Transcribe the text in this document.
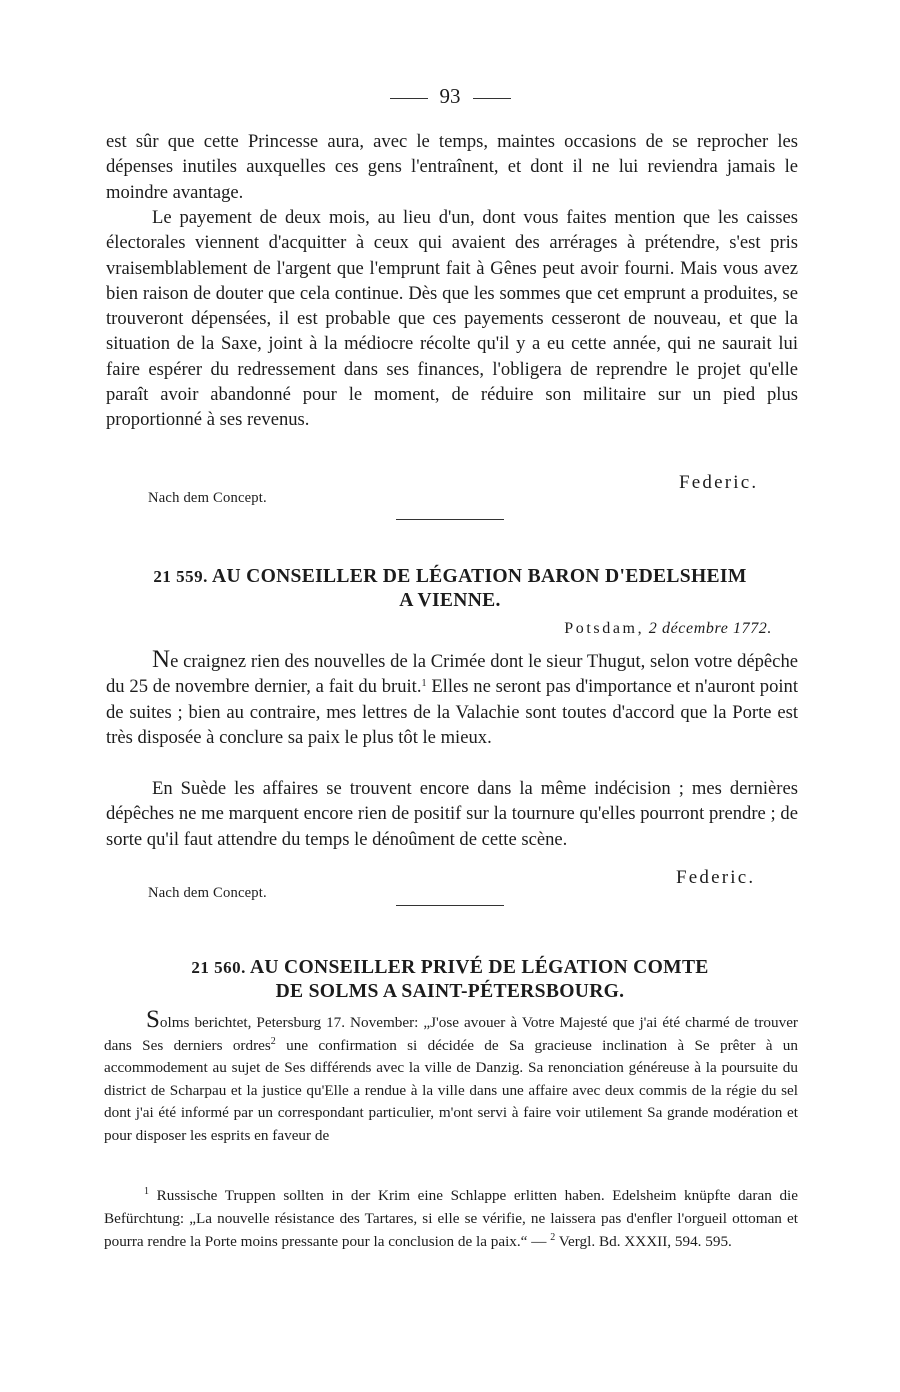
93

est sûr que cette Princesse aura, avec le temps, maintes occasions de se reprocher les dépenses inutiles auxquelles ces gens l'entraînent, et dont il ne lui reviendra jamais le moindre avantage.

Le payement de deux mois, au lieu d'un, dont vous faites mention que les caisses électorales viennent d'acquitter à ceux qui avaient des arrérages à prétendre, s'est pris vraisemblablement de l'argent que l'emprunt fait à Gênes peut avoir fourni. Mais vous avez bien raison de douter que cela continue. Dès que les sommes que cet emprunt a produites, se trouveront dépensées, il est probable que ces payements cesseront de nouveau, et que la situation de la Saxe, joint à la médiocre récolte qu'il y a eu cette année, qui ne saurait lui faire espérer du redressement dans ses finances, l'obligera de reprendre le projet qu'elle paraît avoir abandonné pour le moment, de réduire son militaire sur un pied plus proportionné à ses revenus.

Federic.
Nach dem Concept.
21 559. AU CONSEILLER DE LÉGATION BARON D'EDELSHEIM
A VIENNE.
Potsdam, 2 décembre 1772.

Ne craignez rien des nouvelles de la Crimée dont le sieur Thugut, selon votre dépêche du 25 de novembre dernier, a fait du bruit.$^1$ Elles ne seront pas d'importance et n'auront point de suites ; bien au contraire, mes lettres de la Valachie sont toutes d'accord que la Porte est très disposée à conclure sa paix le plus tôt le mieux.

En Suède les affaires se trouvent encore dans la même indécision ; mes dernières dépêches ne me marquent encore rien de positif sur la tournure qu'elles pourront prendre ; de sorte qu'il faut attendre du temps le dénoûment de cette scène.

Federic.
Nach dem Concept.
21 560. AU CONSEILLER PRIVÉ DE LÉGATION COMTE
DE SOLMS A SAINT-PÉTERSBOURG.

Solms berichtet, Petersburg 17. November: „J'ose avouer à Votre Majesté que j'ai été charmé de trouver dans Ses derniers ordres$^2$ une confirmation si décidée de Sa gracieuse inclination à Se prêter à un accommodement au sujet de Ses différends avec la ville de Danzig. Sa renonciation généreuse à la poursuite du district de Scharpau et la justice qu'Elle a rendue à la ville dans une affaire avec deux commis de la régie du sel dont j'ai été informé par un correspondant particulier, m'ont servi à faire voir utilement Sa grande modération et pour disposer les esprits en faveur de

$^1$ Russische Truppen sollten in der Krim eine Schlappe erlitten haben. Edelsheim knüpfte daran die Befürchtung: „La nouvelle résistance des Tartares, si elle se vérifie, ne laissera pas d'enfler l'orgueil ottoman et pourra rendre la Porte moins pressante pour la conclusion de la paix.“ — $^2$ Vergl. Bd. XXXII, 594. 595.
